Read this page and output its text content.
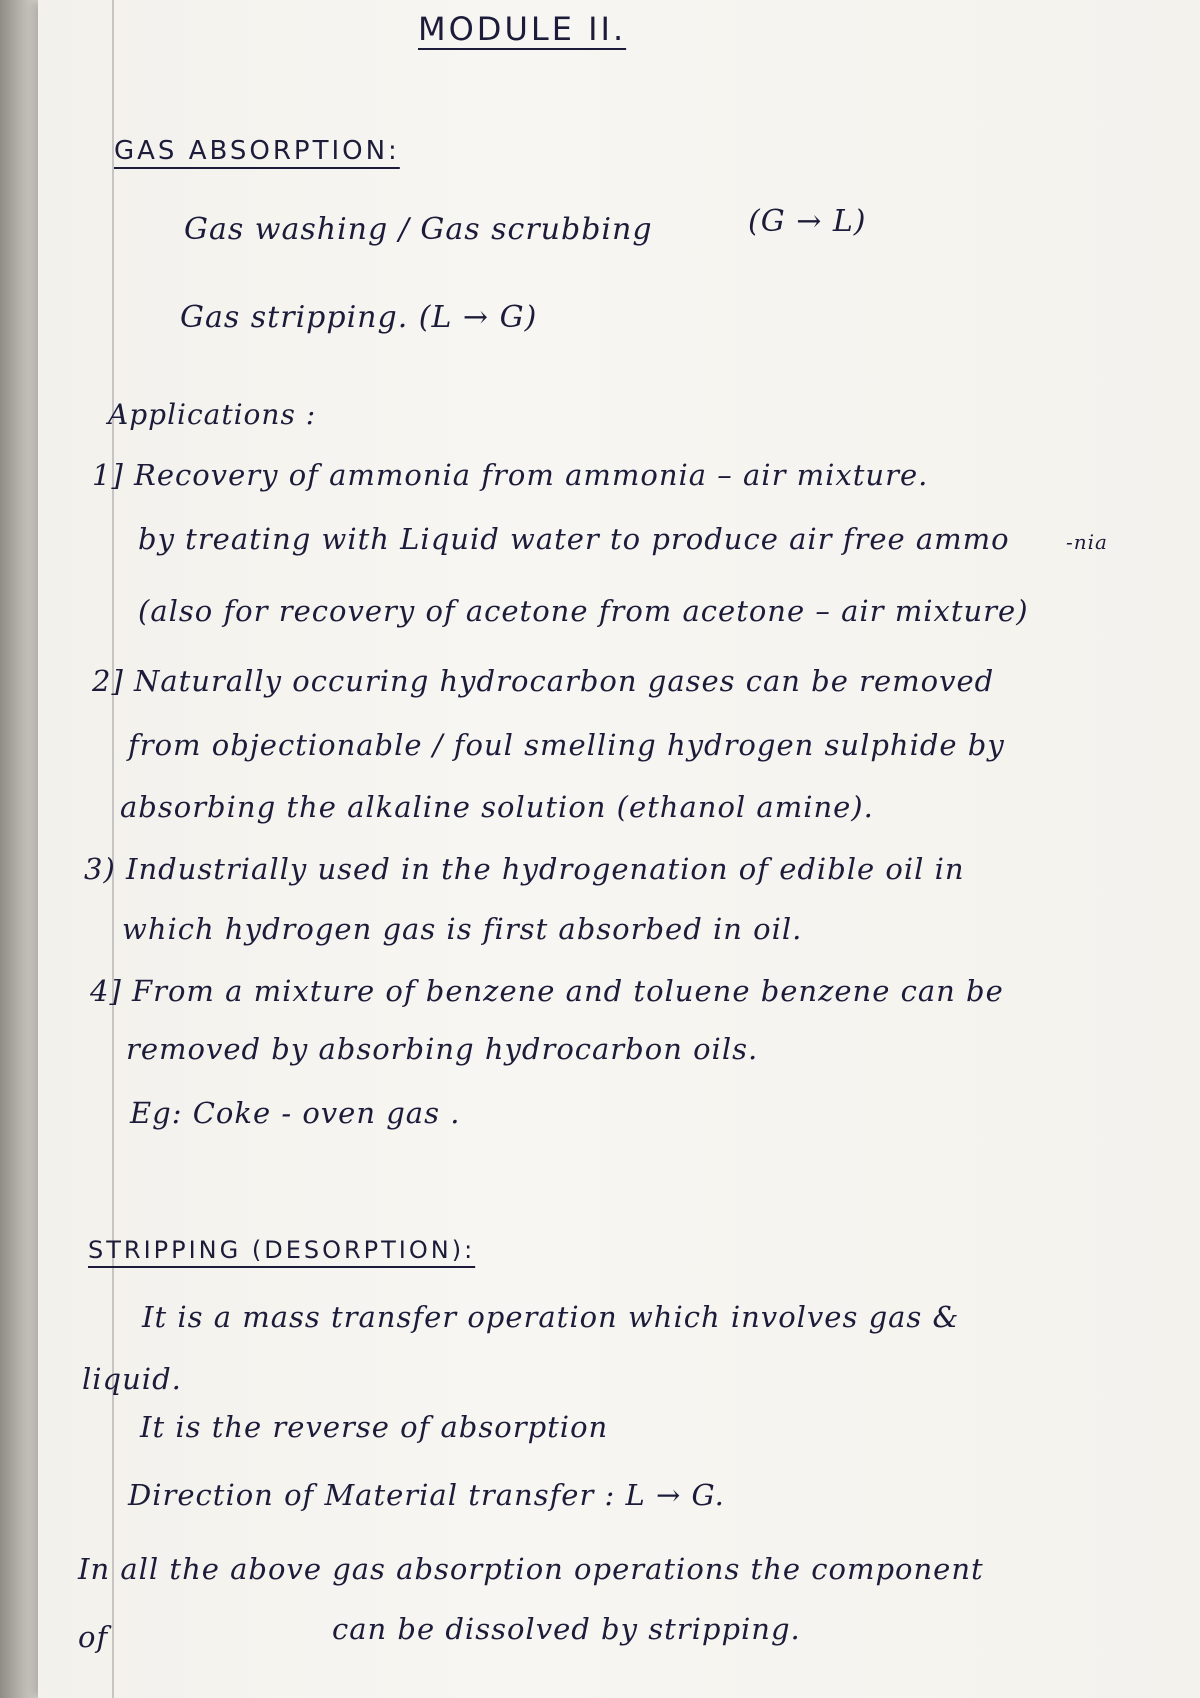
MODULE II.
GAS ABSORPTION:
Gas washing / Gas scrubbing	(G → L)
Gas stripping. (L → G)
Applications :
1] Recovery of ammonia from ammonia – air mixture.
by treating with Liquid water to produce air free ammo	-nia
(also for recovery of acetone from acetone – air mixture)
2] Naturally occuring hydrocarbon gases can be removed
from objectionable / foul smelling hydrogen sulphide by
absorbing the alkaline solution (ethanol amine).
3) Industrially used in the hydrogenation of edible oil in
which hydrogen gas is first absorbed in oil.
4] From a mixture of benzene and toluene benzene can be
removed by absorbing hydrocarbon oils.
Eg: Coke - oven gas .
STRIPPING (DESORPTION):
It is a mass transfer operation which involves gas &
liquid.
It is the reverse of absorption
Direction of Material transfer : L → G.
In all the above gas absorption operations the component
of	can be dissolved by stripping.
